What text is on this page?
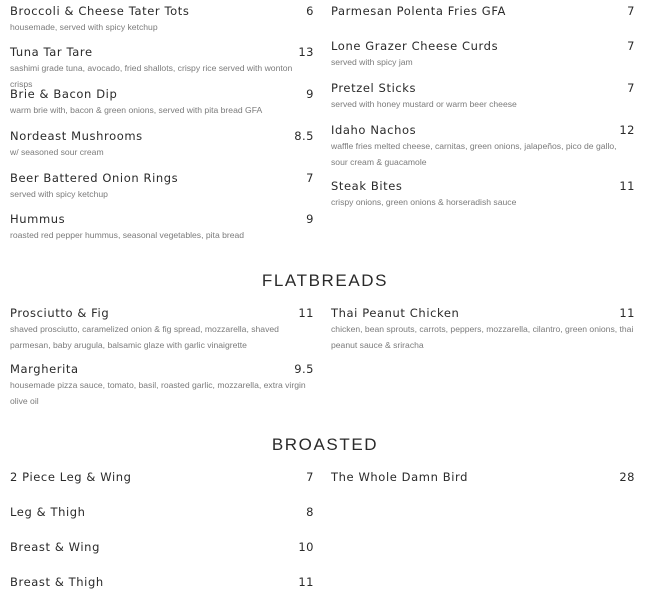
Broccoli & Cheese Tater Tots	6
housemade, served with spicy ketchup
Tuna Tar Tare	13
sashimi grade tuna, avocado, fried shallots, crispy rice served with wonton crisps
Brie & Bacon Dip	9
warm brie with, bacon & green onions, served with pita bread GFA
Nordeast Mushrooms	8.5
w/ seasoned sour cream
Beer Battered Onion Rings	7
served with spicy ketchup
Hummus	9
roasted red pepper hummus, seasonal vegetables, pita bread
Parmesan Polenta Fries GFA	7
Lone Grazer Cheese Curds	7
served with spicy jam
Pretzel Sticks	7
served with honey mustard or warm beer cheese
Idaho Nachos	12
waffle fries melted cheese, carnitas, green onions, jalapeños, pico de gallo, sour cream & guacamole
Steak Bites	11
crispy onions, green onions & horseradish sauce
FLATBREADS
Prosciutto & Fig	11
shaved prosciutto, caramelized onion & fig spread, mozzarella, shaved parmesan, baby arugula, balsamic glaze with garlic vinaigrette
Margherita	9.5
housemade pizza sauce, tomato, basil, roasted garlic, mozzarella, extra virgin olive oil
Thai Peanut Chicken	11
chicken, bean sprouts, carrots, peppers, mozzarella, cilantro, green onions, thai peanut sauce & sriracha
BROASTED
2 Piece Leg & Wing	7
Leg & Thigh	8
Breast & Wing	10
Breast & Thigh	11
The Whole Damn Bird	28
